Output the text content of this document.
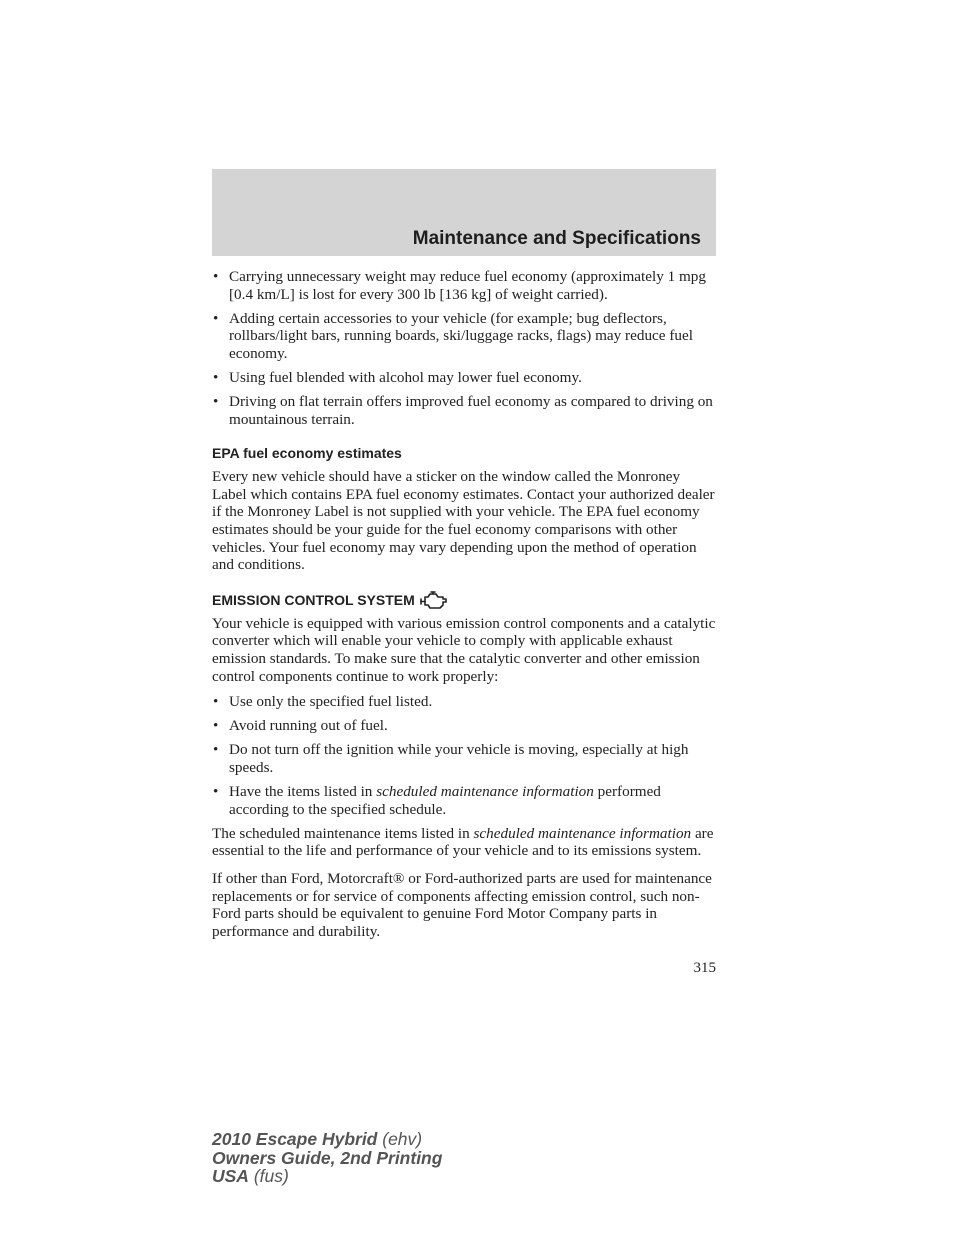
Maintenance and Specifications
• Carrying unnecessary weight may reduce fuel economy (approximately 1 mpg [0.4 km/L] is lost for every 300 lb [136 kg] of weight carried).
• Adding certain accessories to your vehicle (for example; bug deflectors, rollbars/light bars, running boards, ski/luggage racks, flags) may reduce fuel economy.
• Using fuel blended with alcohol may lower fuel economy.
• Driving on flat terrain offers improved fuel economy as compared to driving on mountainous terrain.
EPA fuel economy estimates

Every new vehicle should have a sticker on the window called the Monroney Label which contains EPA fuel economy estimates. Contact your authorized dealer if the Monroney Label is not supplied with your vehicle. The EPA fuel economy estimates should be your guide for the fuel economy comparisons with other vehicles. Your fuel economy may vary depending upon the method of operation and conditions.

EMISSION CONTROL SYSTEM

Your vehicle is equipped with various emission control components and a catalytic converter which will enable your vehicle to comply with applicable exhaust emission standards. To make sure that the catalytic converter and other emission control components continue to work properly:

• Use only the specified fuel listed.
• Avoid running out of fuel.
• Do not turn off the ignition while your vehicle is moving, especially at high speeds.
• Have the items listed in scheduled maintenance information performed according to the specified schedule.

The scheduled maintenance items listed in scheduled maintenance information are essential to the life and performance of your vehicle and to its emissions system.

If other than Ford, Motorcraft® or Ford-authorized parts are used for maintenance replacements or for service of components affecting emission control, such non-Ford parts should be equivalent to genuine Ford Motor Company parts in performance and durability.

315
2010 Escape Hybrid (ehv)
Owners Guide, 2nd Printing
USA (fus)
